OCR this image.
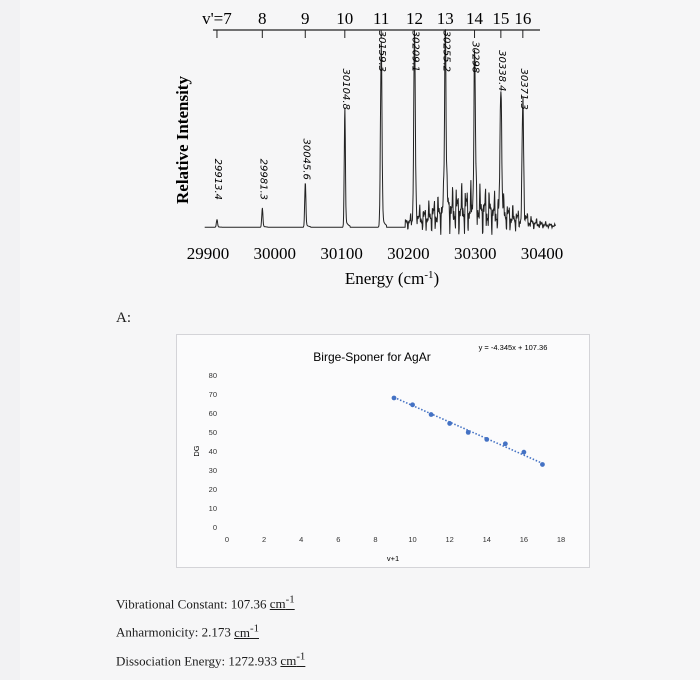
Relative Intensity
v'=7 8 9 10 11 12 13 14 15 16
29913.4	29981.3	30045.6
30104.8
30159.3 30209.1 30255.2 30298 30338.4 30371.3
29900 30000 30100 30200 30300 30400
Energy $(cm^{-1})$
A:
Birge-Sponer for AgAr
y = -4.345x + 107.36
0
10
20
30
40
50
60
70
80
0	2	4	6	8	10	12	14	16	18
DG
v+1
Vibrational Constant: 107.36 $cm^{-1}$
Anharmonicity: 2.173 $cm^{-1}$
Dissociation Energy: 1272.933 $cm^{-1}$
